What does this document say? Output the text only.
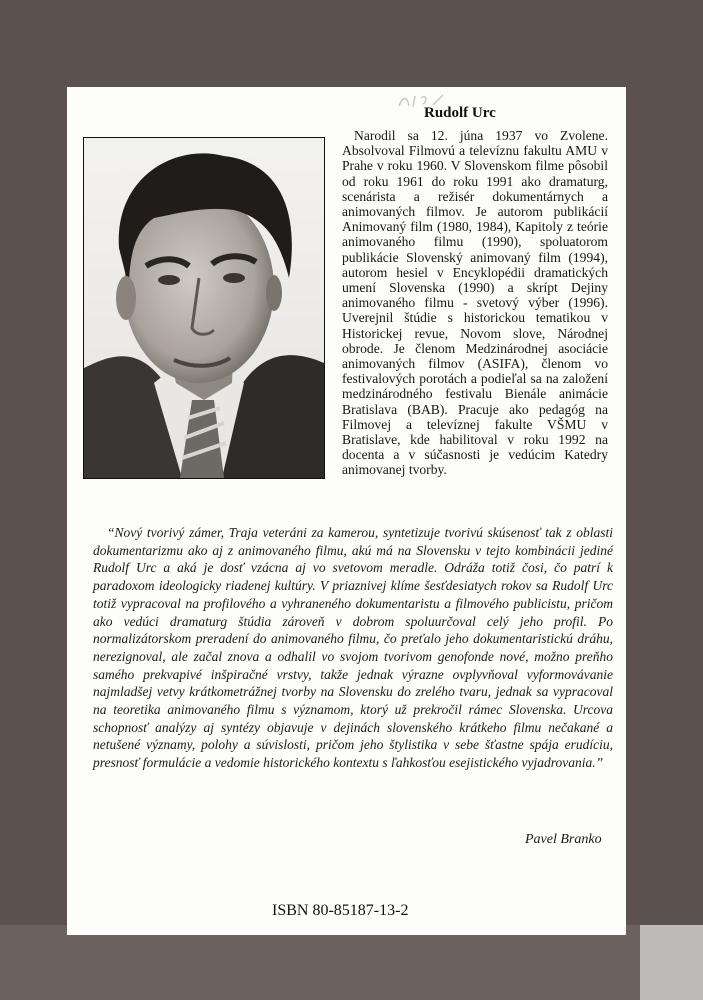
Rudolf Urc

Narodil sa 12. júna 1937 vo Zvolene. Absolvoval Filmovú a televíznu fakultu AMU v Prahe v roku 1960. V Slovenskom filme pôsobil od roku 1961 do roku 1991 ako dramaturg, scenárista a režisér dokumentárnych a animovaných filmov. Je autorom publikácií Animovaný film (1980, 1984), Kapitoly z teórie animovaného filmu (1990), spoluatorom publikácie Slovenský animovaný film (1994), autorom hesiel v Encyklopédii dramatických umení Slovenska (1990) a skrípt Dejiny animovaného filmu - svetový výber (1996). Uverejnil štúdie s historickou tematikou v Historickej revue, Novom slove, Národnej obrode. Je členom Medzinárodnej asociácie animovaných filmov (ASIFA), členom vo festivalových porotách a podieľal sa na založení medzinárodného festivalu Bienále animácie Bratislava (BAB). Pracuje ako pedagóg na Filmovej a televíznej fakulte VŠMU v Bratislave, kde habilitoval v roku 1992 na docenta a v súčasnosti je vedúcim Katedry animovanej tvorby.

“Nový tvorivý zámer, Traja veteráni za kamerou, syntetizuje tvorivú skúsenosť tak z oblasti dokumentarizmu ako aj z animovaného filmu, akú má na Slovensku v tejto kombinácii jediné Rudolf Urc a aká je dosť vzácna aj vo svetovom meradle. Odráža totiž čosi, čo patrí k paradoxom ideologicky riadenej kultúry. V priaznivej klíme šesťdesiatych rokov sa Rudolf Urc totiž vypracoval na profilového a vyhraneného dokumentaristu a filmového publicistu, pričom ako vedúci dramaturg štúdia zároveň v dobrom spoluurčoval celý jeho profil. Po normalizátorskom preradení do animovaného filmu, čo preťalo jeho dokumentaristickú dráhu, nerezignoval, ale začal znova a odhalil vo svojom tvorivom genofonde nové, možno preňho samého prekvapivé inšpiračné vrstvy, takže jednak výrazne ovplyvňoval vyformovávanie najmladšej vetvy krátkometrážnej tvorby na Slovensku do zrelého tvaru, jednak sa vypracoval na teoretika animovaného filmu s významom, ktorý už prekročil rámec Slovenska. Urcova schopnosť analýzy aj syntézy objavuje v dejinách slovenského krátkeho filmu nečakané a netušené významy, polohy a súvislosti, pričom jeho štylistika v sebe šťastne spája erudíciu, presnosť formulácie a vedomie historického kontextu s ľahkosťou esejistického vyjadrovania.”

Pavel Branko
ISBN 80-85187-13-2
